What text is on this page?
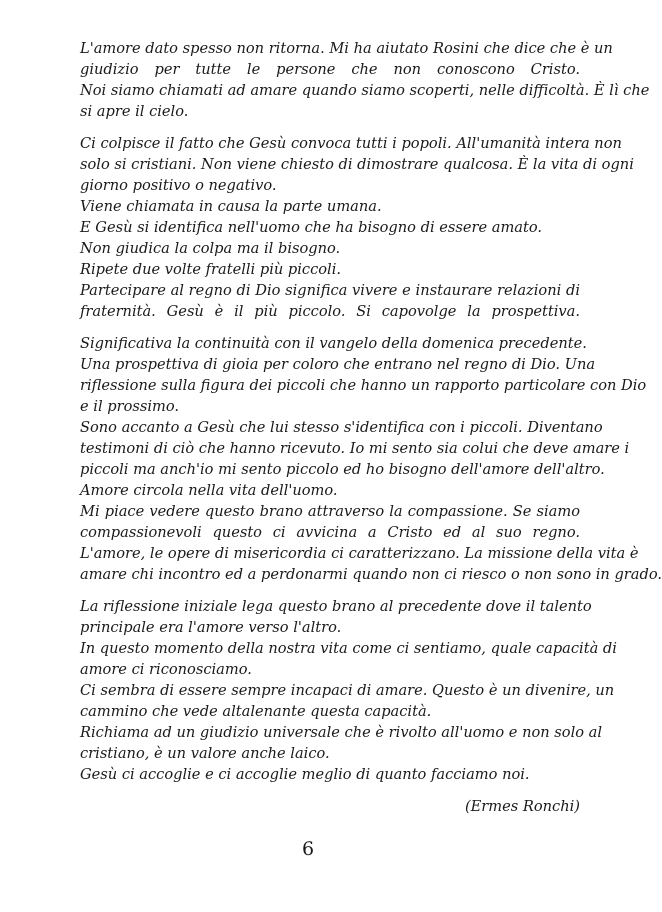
L'amore dato spesso non ritorna. Mi ha aiutato Rosini che dice che è un
giudizio per tutte le persone che non conoscono Cristo.
Noi siamo chiamati ad amare quando siamo scoperti, nelle difficoltà. È lì che
si apre il cielo.
Ci colpisce il fatto che Gesù convoca tutti i popoli. All'umanità intera non
solo si cristiani. Non viene chiesto di dimostrare qualcosa. È la vita di ogni
giorno positivo o negativo.
Viene chiamata in causa la parte umana.
E Gesù si identifica nell'uomo che ha bisogno di essere amato.
Non giudica la colpa ma il bisogno.
Ripete due volte fratelli più piccoli.
Partecipare al regno di Dio significa vivere e instaurare relazioni di
fraternità. Gesù è il più piccolo. Si capovolge la prospettiva.
Significativa la continuità con il vangelo della domenica precedente.
Una prospettiva di gioia per coloro che entrano nel regno di Dio. Una
riflessione sulla figura dei piccoli che hanno un rapporto particolare con Dio
e il prossimo.
Sono accanto a Gesù che lui stesso s'identifica con i piccoli. Diventano
testimoni di ciò che hanno ricevuto. Io mi sento sia colui che deve amare i
piccoli ma anch'io mi sento piccolo ed ho bisogno dell'amore dell'altro.
Amore circola nella vita dell'uomo.
Mi piace vedere questo brano attraverso la compassione. Se siamo
compassionevoli questo ci avvicina a Cristo ed al suo regno.
L'amore, le opere di misericordia ci caratterizzano. La missione della vita è
amare chi incontro ed a perdonarmi quando non ci riesco o non sono in grado.
La riflessione iniziale lega questo brano al precedente dove il talento
principale era l'amore verso l'altro.
In questo momento della nostra vita come ci sentiamo, quale capacità di
amore ci riconosciamo.
Ci sembra di essere sempre incapaci di amare. Questo è un divenire, un
cammino che vede altalenante questa capacità.
Richiama ad un giudizio universale che è rivolto all'uomo e non solo al
cristiano, è un valore anche laico.
Gesù ci accoglie e ci accoglie meglio di quanto facciamo noi.
(Ermes Ronchi)
6
